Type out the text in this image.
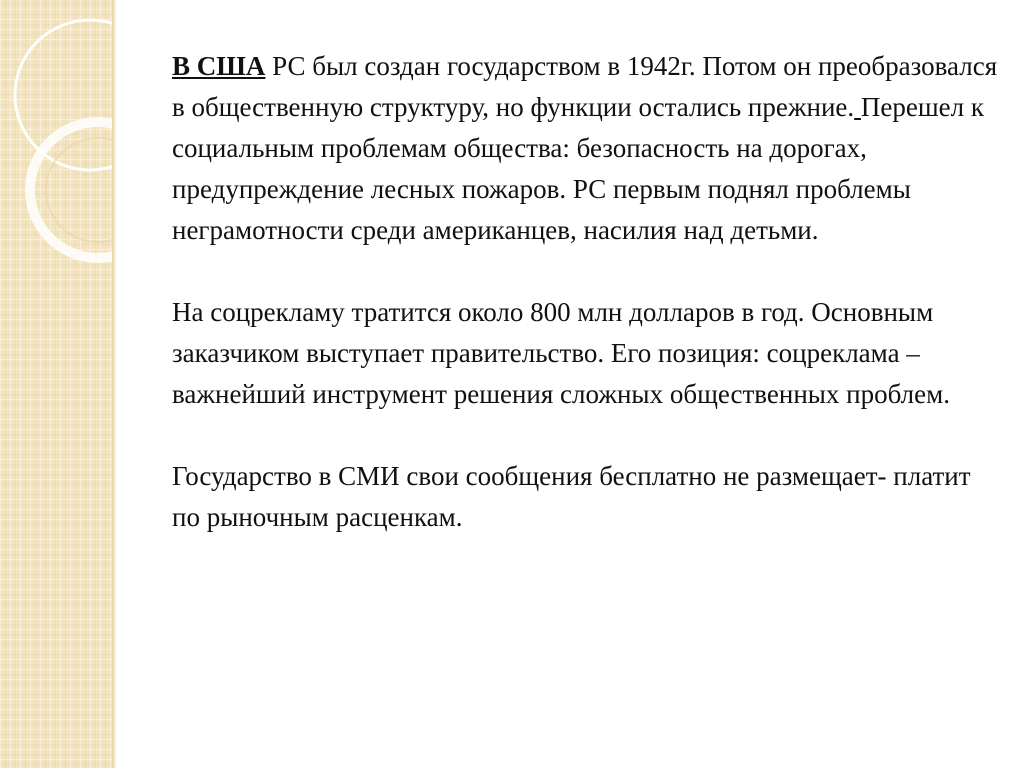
В США РС был создан государством в 1942г. Потом он преобразовался в общественную структуру, но функции остались прежние. Перешел к социальным проблемам общества: безопасность на дорогах, предупреждение лесных пожаров. РС первым поднял проблемы неграмотности среди американцев, насилия над детьми.

На соцрекламу тратится около 800 млн долларов в год. Основным заказчиком выступает правительство. Его позиция: соцреклама – важнейший инструмент решения сложных общественных проблем.

Государство в СМИ свои сообщения бесплатно не размещает- платит по рыночным расценкам.
